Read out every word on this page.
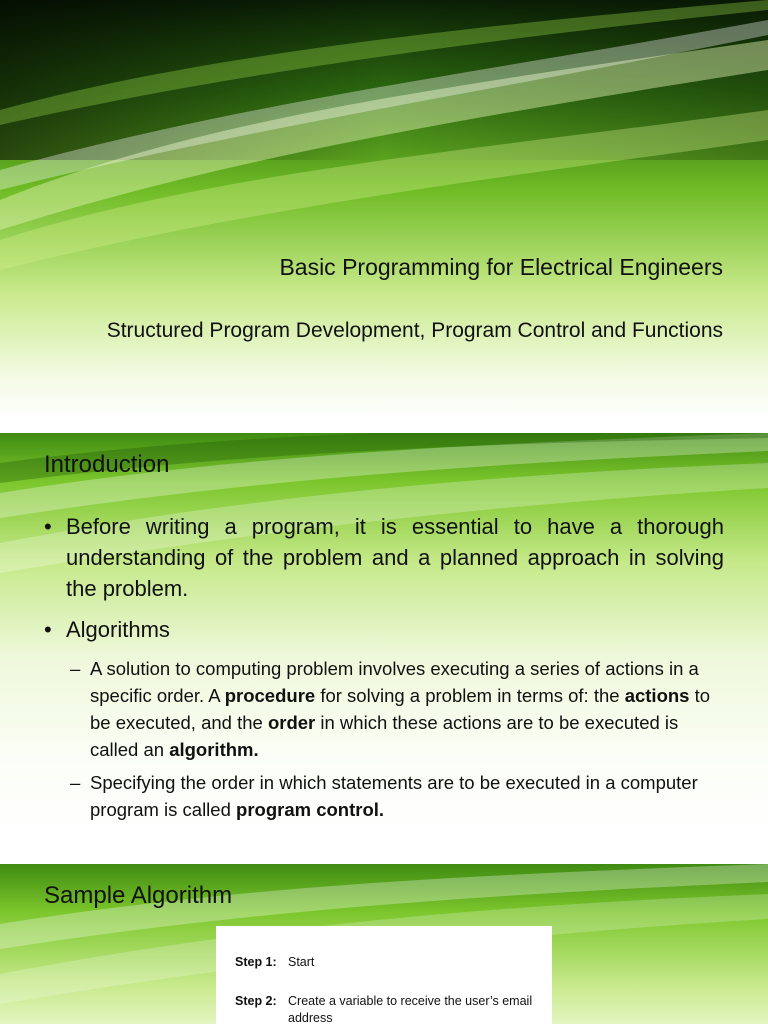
Basic Programming for Electrical Engineers
Structured Program Development, Program Control and Functions
Introduction
• Before writing a program, it is essential to have a thorough understanding of the problem and a planned approach in solving the problem.
• Algorithms
– A solution to computing problem involves executing a series of actions in a specific order. A procedure for solving a problem in terms of: the actions to be executed, and the order in which these actions are to be executed is called an algorithm.
– Specifying the order in which statements are to be executed in a computer program is called program control.
Sample Algorithm
Step 1: Start
Step 2: Create a variable to receive the user’s email address
